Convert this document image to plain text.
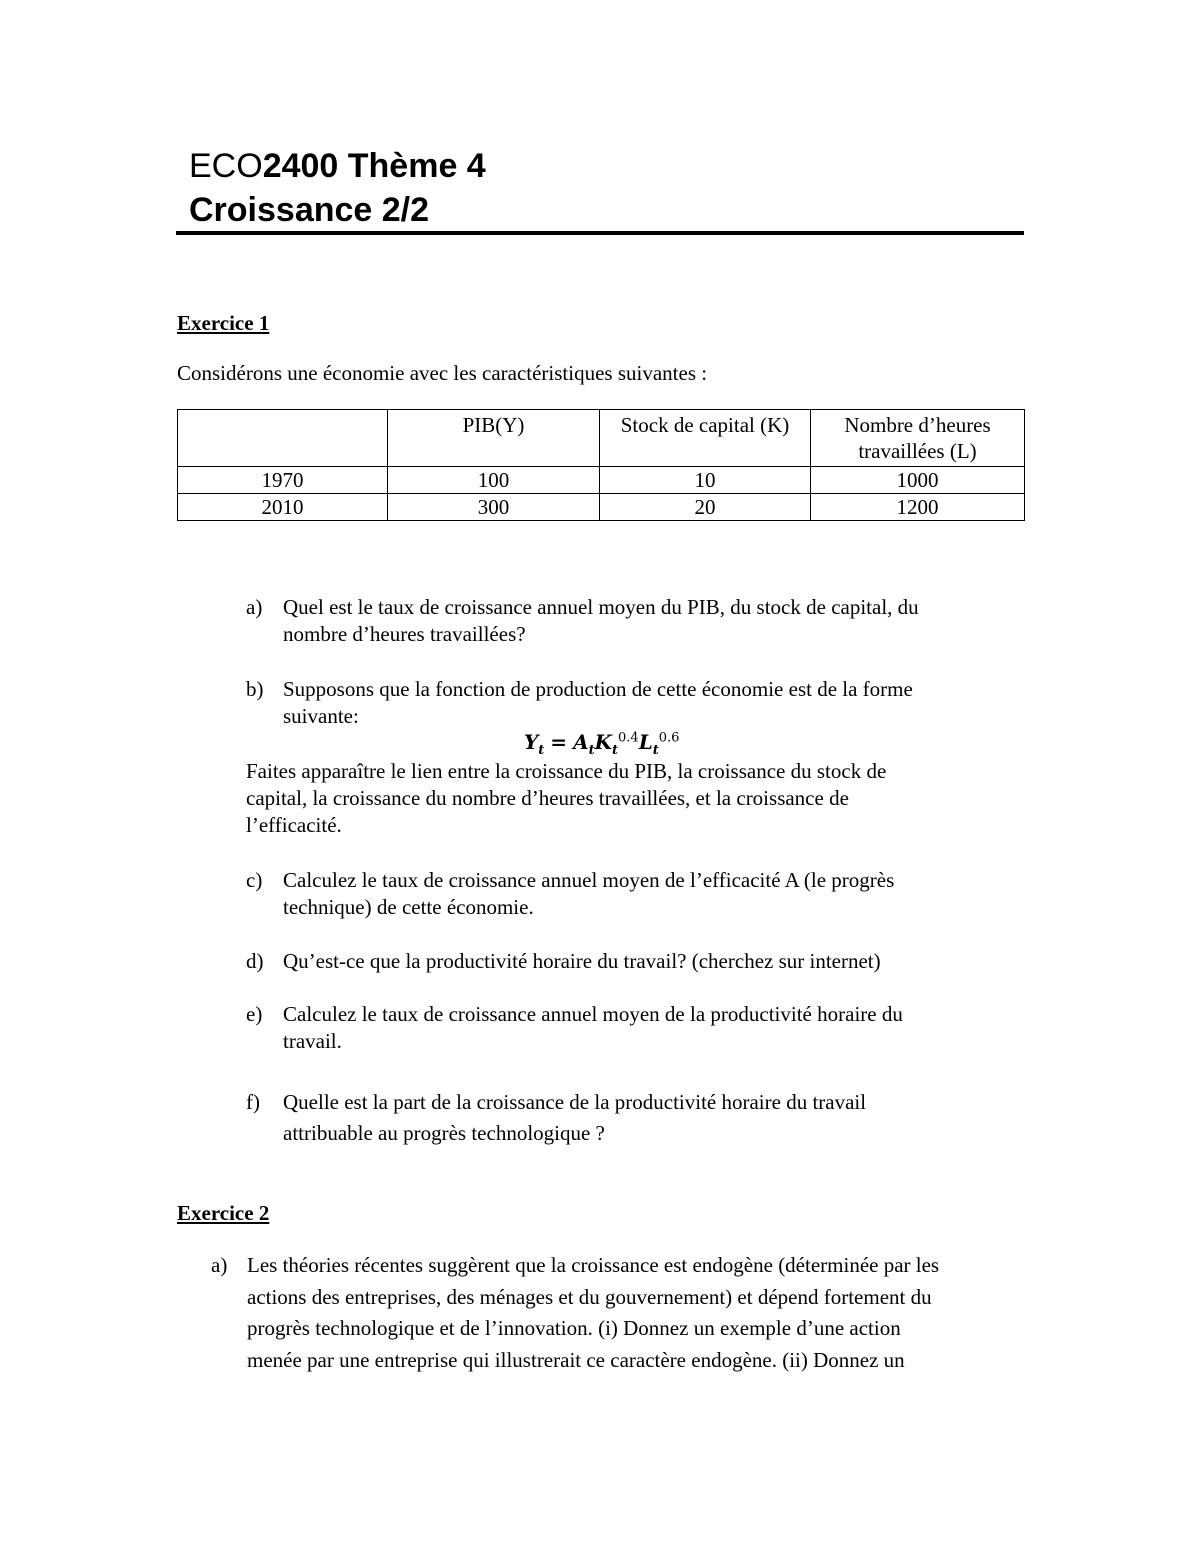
ECO2400 Thème 4
Croissance 2/2
Exercice 1
Considérons une économie avec les caractéristiques suivantes :
	PIB(Y)	Stock de capital (K)	Nombre d’heures travaillées (L)
1970	100	10	1000
2010	300	20	1200
a) Quel est le taux de croissance annuel moyen du PIB, du stock de capital, du
nombre d’heures travaillées?
b) Supposons que la fonction de production de cette économie est de la forme
suivante:
$Y_t = A_tK_t^{0.4}L_t^{0.6}$
Faites apparaître le lien entre la croissance du PIB, la croissance du stock de
capital, la croissance du nombre d’heures travaillées, et la croissance de
l’efficacité.
c) Calculez le taux de croissance annuel moyen de l’efficacité A (le progrès
technique) de cette économie.
d) Qu’est-ce que la productivité horaire du travail? (cherchez sur internet)
e) Calculez le taux de croissance annuel moyen de la productivité horaire du
travail.
f) Quelle est la part de la croissance de la productivité horaire du travail
attribuable au progrès technologique ?
Exercice 2
a) Les théories récentes suggèrent que la croissance est endogène (déterminée par les
actions des entreprises, des ménages et du gouvernement) et dépend fortement du
progrès technologique et de l’innovation. (i) Donnez un exemple d’une action
menée par une entreprise qui illustrerait ce caractère endogène. (ii) Donnez un
